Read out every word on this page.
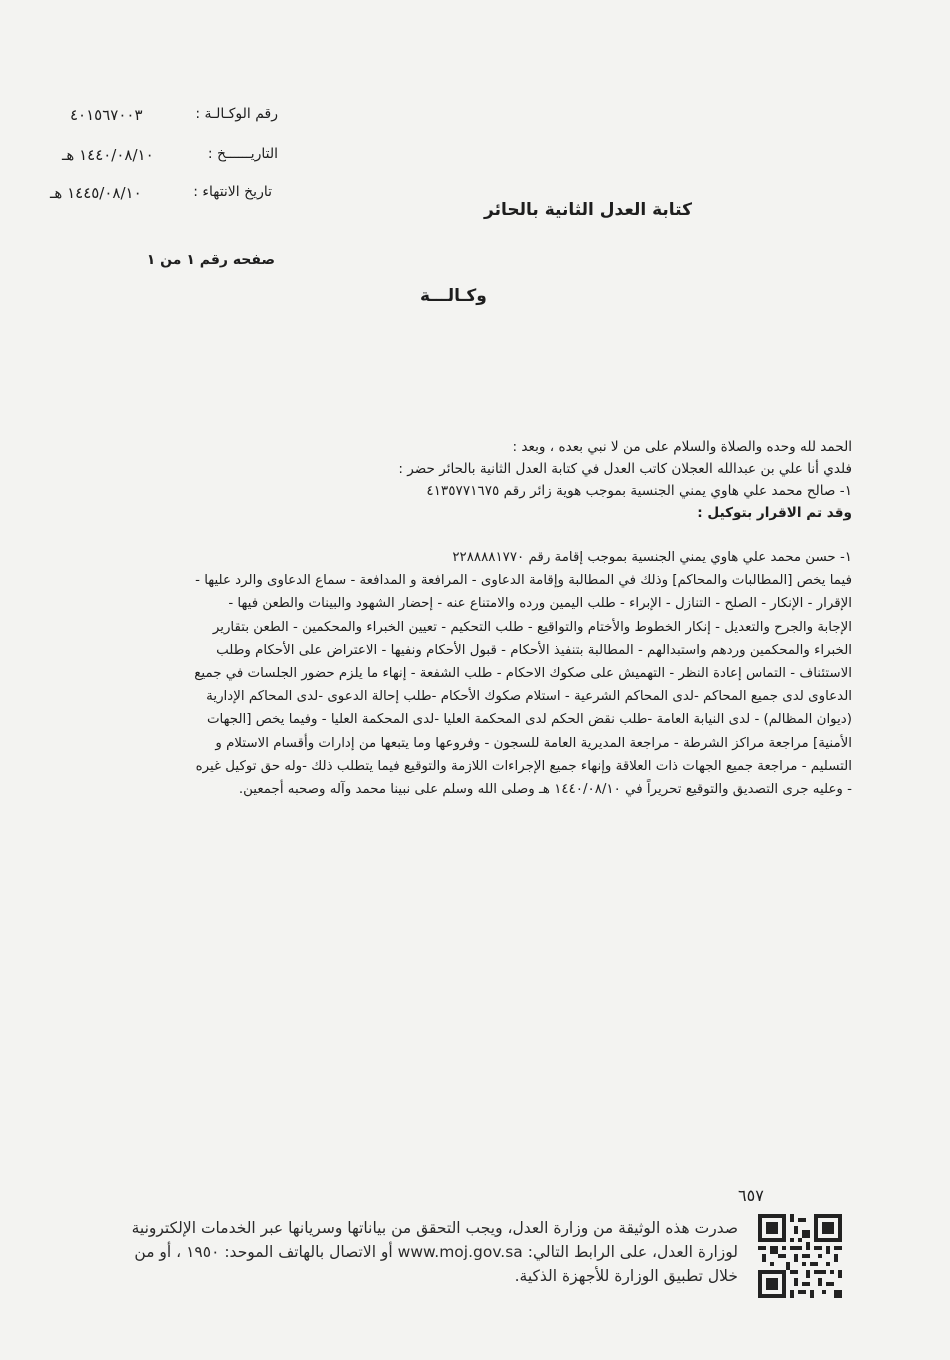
رقم الوكـالـة :
٤٠١٥٦٧٠٠٣
التاريــــــخ :
١٤٤٠/٠٨/١٠ هـ
تاريخ الانتهاء :
١٤٤٥/٠٨/١٠ هـ
كتابة العدل الثانية بالحائر
صفحه رقم ١ من ١
وكـالـــة
الحمد لله وحده والصلاة والسلام على من لا نبي بعده ، وبعد :
فلدي أنا علي بن عبدالله العجلان كاتب العدل في كتابة العدل الثانية بالحائر حضر :
١- صالح محمد علي هاوي يمني الجنسية بموجب هوية زائر رقم ٤١٣٥٧٧١٦٧٥
وقد تم الاقرار بتوكيل :
١- حسن محمد علي هاوي يمني الجنسية بموجب إقامة رقم ٢٢٨٨٨٨١٧٧٠
فيما يخص [المطالبات والمحاكم] وذلك في المطالبة وإقامة الدعاوى - المرافعة و المدافعة - سماع الدعاوى والرد عليها -
الإقرار - الإنكار - الصلح - التنازل - الإبراء - طلب اليمين ورده والامتناع عنه - إحضار الشهود والبينات والطعن فيها -
الإجابة والجرح والتعديل - إنكار الخطوط والأختام والتواقيع - طلب التحكيم - تعيين الخبراء والمحكمين - الطعن بتقارير
الخبراء والمحكمين وردهم واستبدالهم - المطالبة بتنفيذ الأحكام - قبول الأحكام ونفيها - الاعتراض على الأحكام وطلب
الاستئناف - التماس إعادة النظر - التهميش على صكوك الاحكام - طلب الشفعة - إنهاء ما يلزم حضور الجلسات في جميع
الدعاوى لدى جميع المحاكم -لدى المحاكم الشرعية - استلام صكوك الأحكام -طلب إحالة الدعوى -لدى المحاكم الإدارية
(ديوان المظالم) - لدى النيابة العامة -طلب نقض الحكم لدى المحكمة العليا -لدى المحكمة العليا - وفيما يخص [الجهات
الأمنية] مراجعة مراكز الشرطة - مراجعة المديرية العامة للسجون - وفروعها وما يتبعها من إدارات وأقسام الاستلام و
التسليم - مراجعة جميع الجهات ذات العلاقة وإنهاء جميع الإجراءات اللازمة والتوقيع فيما يتطلب ذلك -وله حق توكيل غيره
- وعليه جرى التصديق والتوقيع تحريراً في ١٤٤٠/٠٨/١٠ هـ وصلى الله وسلم على نبينا محمد وآله وصحبه أجمعين.
٦٥٧
صدرت هذه الوثيقة من وزارة العدل، ويجب التحقق من بياناتها وسريانها عبر الخدمات الإلكترونية
لوزارة العدل، على الرابط التالي: www.moj.gov.sa أو الاتصال بالهاتف الموحد: ١٩٥٠ ، أو من
خلال تطبيق الوزارة للأجهزة الذكية.
